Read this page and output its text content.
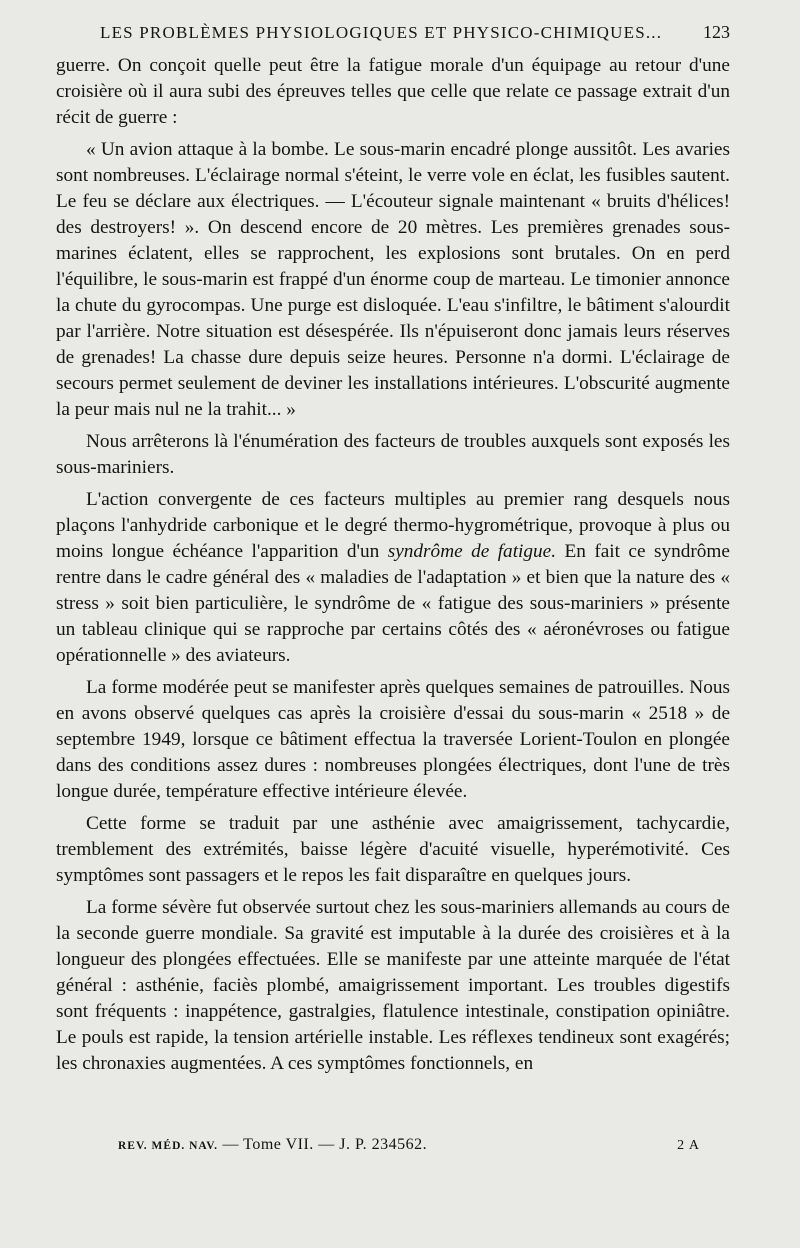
LES PROBLÈMES PHYSIOLOGIQUES ET PHYSICO-CHIMIQUES... 123

guerre. On conçoit quelle peut être la fatigue morale d'un équipage au retour d'une croisière où il aura subi des épreuves telles que celle que relate ce passage extrait d'un récit de guerre :

« Un avion attaque à la bombe. Le sous-marin encadré plonge aussitôt. Les avaries sont nombreuses. L'éclairage normal s'éteint, le verre vole en éclat, les fusibles sautent. Le feu se déclare aux électriques. — L'écouteur signale maintenant « bruits d'hélices! des destroyers! ». On descend encore de 20 mètres. Les premières grenades sous-marines éclatent, elles se rapprochent, les explosions sont brutales. On en perd l'équilibre, le sous-marin est frappé d'un énorme coup de marteau. Le timonier annonce la chute du gyrocompas. Une purge est disloquée. L'eau s'infiltre, le bâtiment s'alourdit par l'arrière. Notre situation est désespérée. Ils n'épuiseront donc jamais leurs réserves de grenades! La chasse dure depuis seize heures. Personne n'a dormi. L'éclairage de secours permet seulement de deviner les installations intérieures. L'obscurité augmente la peur mais nul ne la trahit... »

Nous arrêterons là l'énumération des facteurs de troubles auxquels sont exposés les sous-mariniers.

L'action convergente de ces facteurs multiples au premier rang desquels nous plaçons l'anhydride carbonique et le degré thermo-hygrométrique, provoque à plus ou moins longue échéance l'apparition d'un syndrôme de fatigue. En fait ce syndrôme rentre dans le cadre général des « maladies de l'adaptation » et bien que la nature des « stress » soit bien particulière, le syndrôme de « fatigue des sous-mariniers » présente un tableau clinique qui se rapproche par certains côtés des « aéronévroses ou fatigue opérationnelle » des aviateurs.

La forme modérée peut se manifester après quelques semaines de patrouilles. Nous en avons observé quelques cas après la croisière d'essai du sous-marin « 2518 » de septembre 1949, lorsque ce bâtiment effectua la traversée Lorient-Toulon en plongée dans des conditions assez dures : nombreuses plongées électriques, dont l'une de très longue durée, température effective intérieure élevée.

Cette forme se traduit par une asthénie avec amaigrissement, tachycardie, tremblement des extrémités, baisse légère d'acuité visuelle, hyperémotivité. Ces symptômes sont passagers et le repos les fait disparaître en quelques jours.

La forme sévère fut observée surtout chez les sous-mariniers allemands au cours de la seconde guerre mondiale. Sa gravité est imputable à la durée des croisières et à la longueur des plongées effectuées. Elle se manifeste par une atteinte marquée de l'état général : asthénie, faciès plombé, amaigrissement important. Les troubles digestifs sont fréquents : inappétence, gastralgies, flatulence intestinale, constipation opiniâtre. Le pouls est rapide, la tension artérielle instable. Les réflexes tendineux sont exagérés; les chronaxies augmentées. A ces symptômes fonctionnels, en

REV. MÉD. NAV. — Tome VII. — J. P. 234562.	2 A
